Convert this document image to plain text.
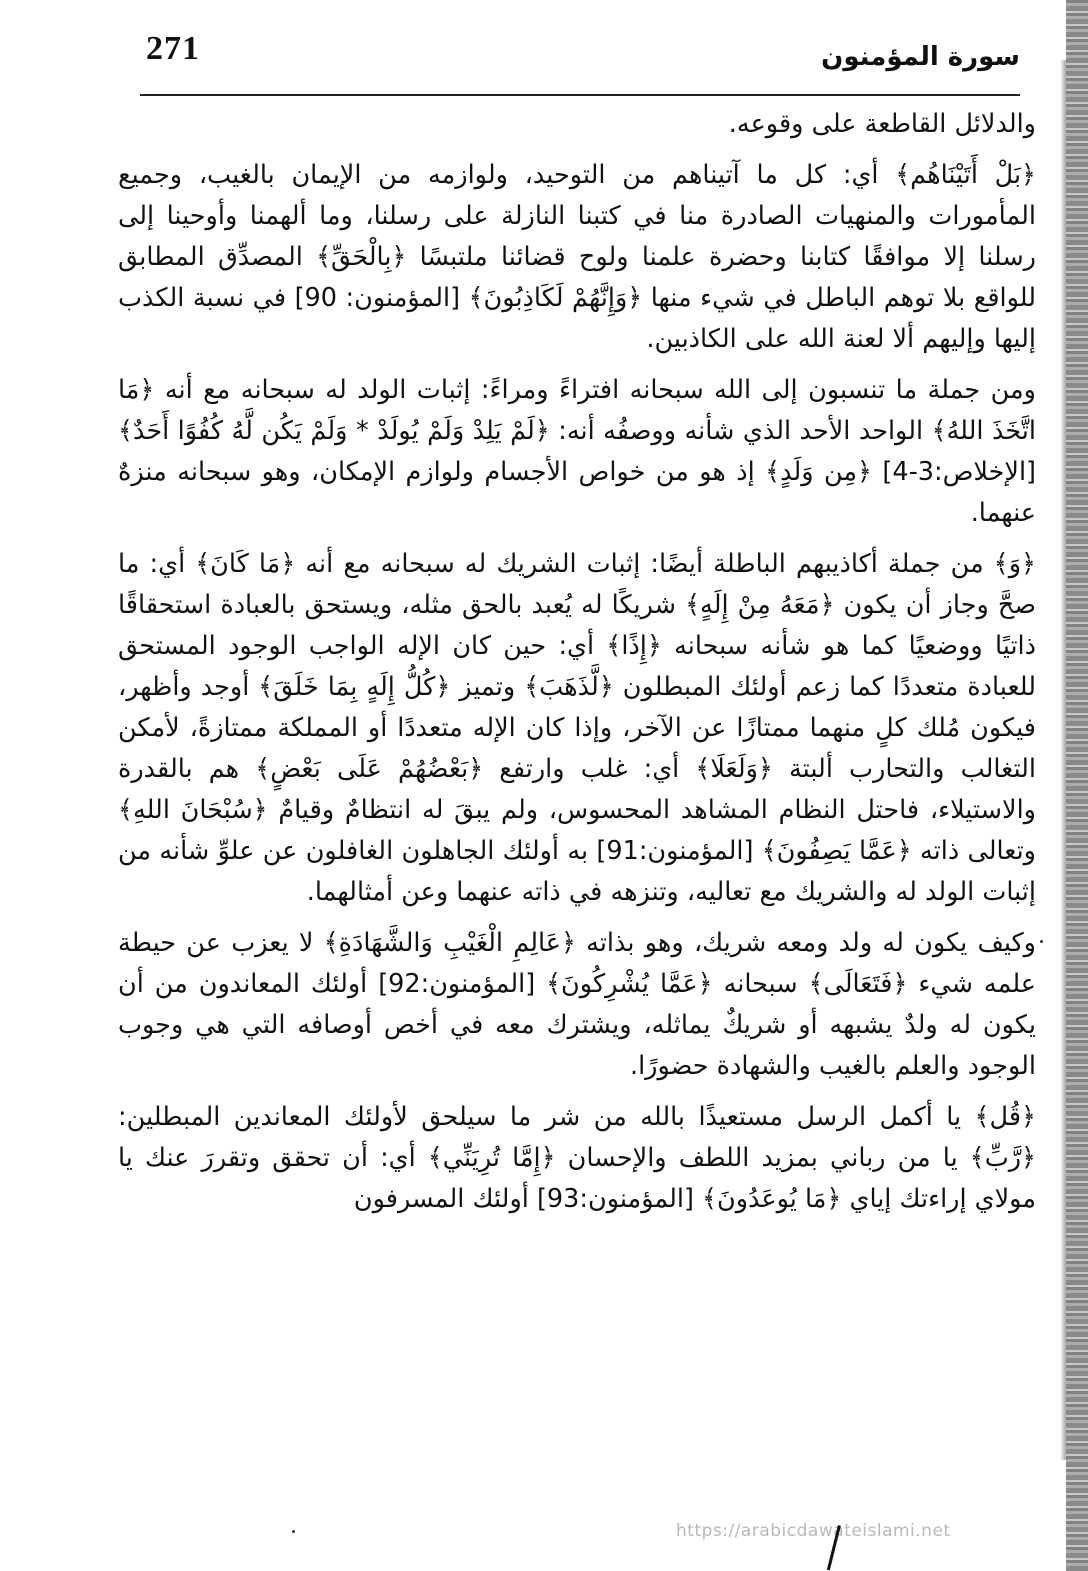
271	سورة المؤمنون

والدلائل القاطعة على وقوعه.

﴿بَلْ أَتَيْنَاهُم﴾ أي: كل ما آتيناهم من التوحيد، ولوازمه من الإيمان بالغيب، وجميع المأمورات والمنهيات الصادرة منا في كتبنا النازلة على رسلنا، وما ألهمنا وأوحينا إلى رسلنا إلا موافقًا كتابنا وحضرة علمنا ولوح قضائنا ملتبسًا ﴿بِالْحَقِّ﴾ المصدِّق المطابق للواقع بلا توهم الباطل في شيء منها ﴿وَإِنَّهُمْ لَكَاذِبُونَ﴾ [المؤمنون: 90] في نسبة الكذب إليها وإليهم ألا لعنة الله على الكاذبين.

ومن جملة ما تنسبون إلى الله سبحانه افتراءً ومراءً: إثبات الولد له سبحانه مع أنه ﴿مَا اتَّخَذَ اللهُ﴾ الواحد الأحد الذي شأنه ووصفُه أنه: ﴿لَمْ يَلِدْ وَلَمْ يُولَدْ * وَلَمْ يَكُن لَّهُ كُفُوًا أَحَدٌ﴾ [الإخلاص:3-4] ﴿مِن وَلَدٍ﴾ إذ هو من خواص الأجسام ولوازم الإمكان، وهو سبحانه منزهٌ عنهما.

﴿وَ﴾ من جملة أكاذيبهم الباطلة أيضًا: إثبات الشريك له سبحانه مع أنه ﴿مَا كَانَ﴾ أي: ما صحَّ وجاز أن يكون ﴿مَعَهُ مِنْ إِلَهٍ﴾ شريكًا له يُعبد بالحق مثله، ويستحق بالعبادة استحقاقًا ذاتيًا ووضعيًا كما هو شأنه سبحانه ﴿إِذًا﴾ أي: حين كان الإله الواجب الوجود المستحق للعبادة متعددًا كما زعم أولئك المبطلون ﴿لَّذَهَبَ﴾ وتميز ﴿كُلُّ إِلَهٍ بِمَا خَلَقَ﴾ أوجد وأظهر، فيكون مُلك كلٍ منهما ممتازًا عن الآخر، وإذا كان الإله متعددًا أو المملكة ممتازةً، لأمكن التغالب والتحارب ألبتة ﴿وَلَعَلَا﴾ أي: غلب وارتفع ﴿بَعْضُهُمْ عَلَى بَعْضٍ﴾ هم بالقدرة والاستيلاء، فاحتل النظام المشاهد المحسوس، ولم يبقَ له انتظامٌ وقيامٌ ﴿سُبْحَانَ اللهِ﴾ وتعالى ذاته ﴿عَمَّا يَصِفُونَ﴾ [المؤمنون:91] به أولئك الجاهلون الغافلون عن علوِّ شأنه من إثبات الولد له والشريك مع تعاليه، وتنزهه في ذاته عنهما وعن أمثالهما.

وكيف يكون له ولد ومعه شريك، وهو بذاته ﴿عَالِمِ الْغَيْبِ وَالشَّهَادَةِ﴾ لا يعزب عن حيطة علمه شيء ﴿فَتَعَالَى﴾ سبحانه ﴿عَمَّا يُشْرِكُونَ﴾ [المؤمنون:92] أولئك المعاندون من أن يكون له ولدٌ يشبهه أو شريكٌ يماثله، ويشترك معه في أخص أوصافه التي هي وجوب الوجود والعلم بالغيب والشهادة حضورًا.

﴿قُل﴾ يا أكمل الرسل مستعيذًا بالله من شر ما سيلحق لأولئك المعاندين المبطلين: ﴿رَّبِّ﴾ يا من رباني بمزيد اللطف والإحسان ﴿إِمَّا تُرِيَنِّي﴾ أي: أن تحقق وتقررَ عنك يا مولاي إراءتك إياي ﴿مَا يُوعَدُونَ﴾ [المؤمنون:93] أولئك المسرفون

https://arabicdawateislami.net
